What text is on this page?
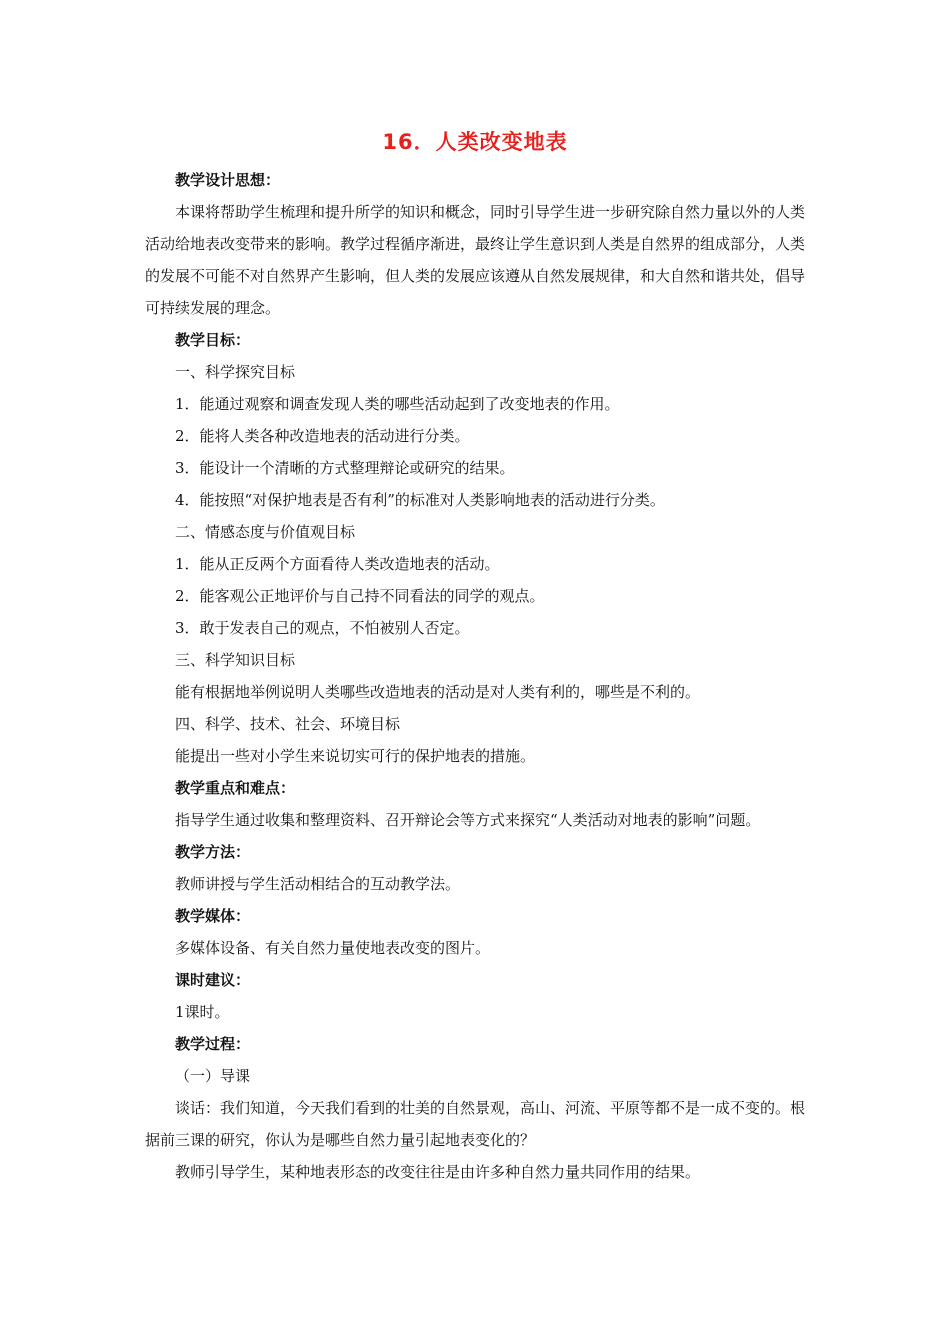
16．人类改变地表

教学设计思想：

本课将帮助学生梳理和提升所学的知识和概念，同时引导学生进一步研究除自然力量以外的人类活动给地表改变带来的影响。教学过程循序渐进，最终让学生意识到人类是自然界的组成部分，人类的发展不可能不对自然界产生影响，但人类的发展应该遵从自然发展规律，和大自然和谐共处，倡导可持续发展的理念。

教学目标：

一、科学探究目标

1．能通过观察和调查发现人类的哪些活动起到了改变地表的作用。

2．能将人类各种改造地表的活动进行分类。

3．能设计一个清晰的方式整理辩论或研究的结果。

4．能按照“对保护地表是否有利”的标准对人类影响地表的活动进行分类。

二、情感态度与价值观目标

1．能从正反两个方面看待人类改造地表的活动。

2．能客观公正地评价与自己持不同看法的同学的观点。

3．敢于发表自己的观点，不怕被别人否定。

三、科学知识目标

能有根据地举例说明人类哪些改造地表的活动是对人类有利的，哪些是不利的。

四、科学、技术、社会、环境目标

能提出一些对小学生来说切实可行的保护地表的措施。

教学重点和难点：

指导学生通过收集和整理资料、召开辩论会等方式来探究“人类活动对地表的影响”问题。

教学方法：

教师讲授与学生活动相结合的互动教学法。

教学媒体：

多媒体设备、有关自然力量使地表改变的图片。

课时建议：

1课时。

教学过程：

（一）导课

谈话：我们知道，今天我们看到的壮美的自然景观，高山、河流、平原等都不是一成不变的。根据前三课的研究，你认为是哪些自然力量引起地表变化的？

教师引导学生，某种地表形态的改变往往是由许多种自然力量共同作用的结果。
